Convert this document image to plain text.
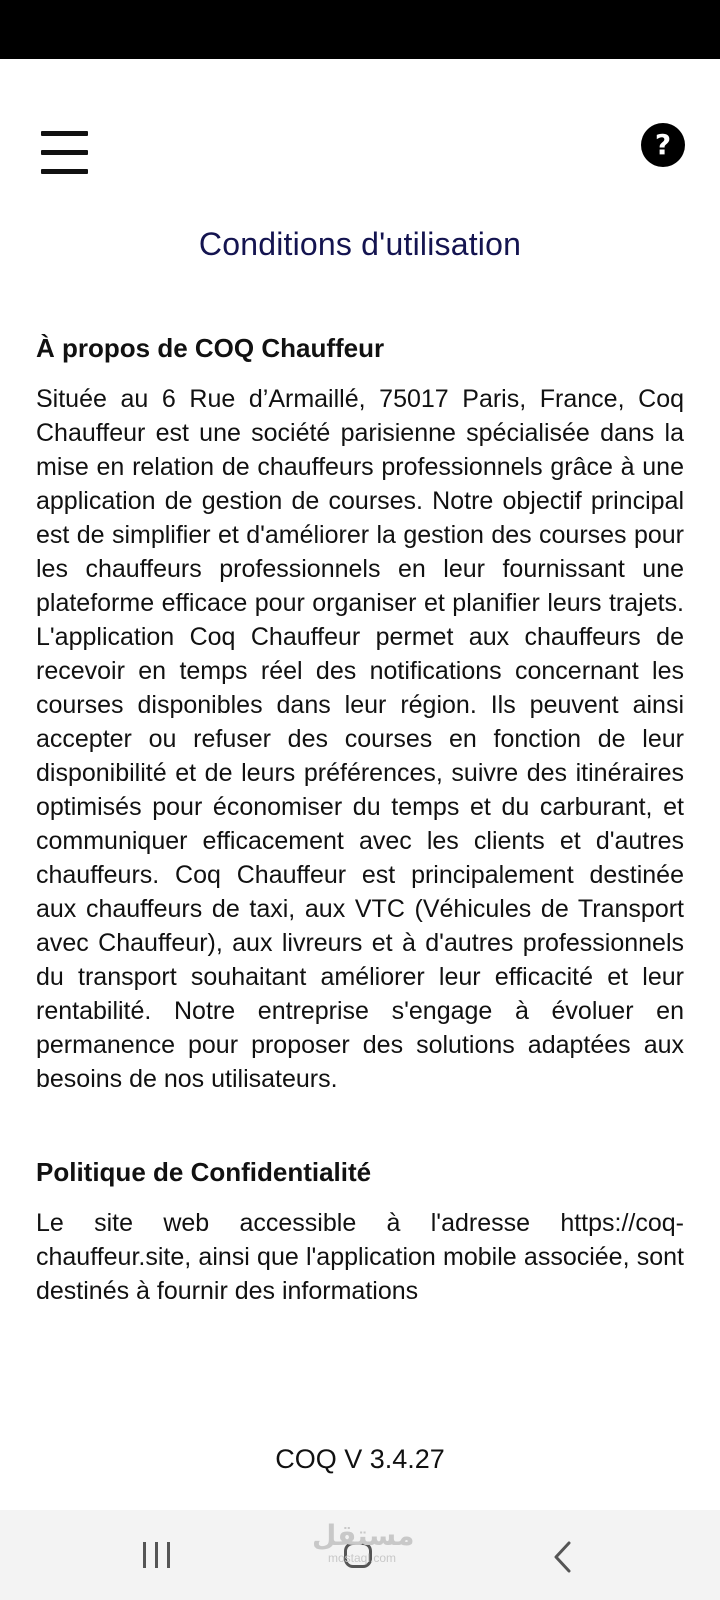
?
Conditions d'utilisation
À propos de COQ Chauffeur

Située au 6 Rue d’Armaillé, 75017 Paris, France, Coq Chauffeur est une société parisienne spécialisée dans la mise en relation de chauffeurs professionnels grâce à une application de gestion de courses. Notre objectif principal est de simplifier et d'améliorer la gestion des courses pour les chauffeurs professionnels en leur fournissant une plateforme efficace pour organiser et planifier leurs trajets. L'application Coq Chauffeur permet aux chauffeurs de recevoir en temps réel des notifications concernant les courses disponibles dans leur région. Ils peuvent ainsi accepter ou refuser des courses en fonction de leur disponibilité et de leurs préférences, suivre des itinéraires optimisés pour économiser du temps et du carburant, et communiquer efficacement avec les clients et d'autres chauffeurs. Coq Chauffeur est principalement destinée aux chauffeurs de taxi, aux VTC (Véhicules de Transport avec Chauffeur), aux livreurs et à d'autres professionnels du transport souhaitant améliorer leur efficacité et leur rentabilité. Notre entreprise s'engage à évoluer en permanence pour proposer des solutions adaptées aux besoins de nos utilisateurs.

Politique de Confidentialité

Le site web accessible à l'adresse https://coq-chauffeur.site, ainsi que l'application mobile associée, sont destinés à fournir des informations

COQ V 3.4.27
مستقل
mostaql.com
